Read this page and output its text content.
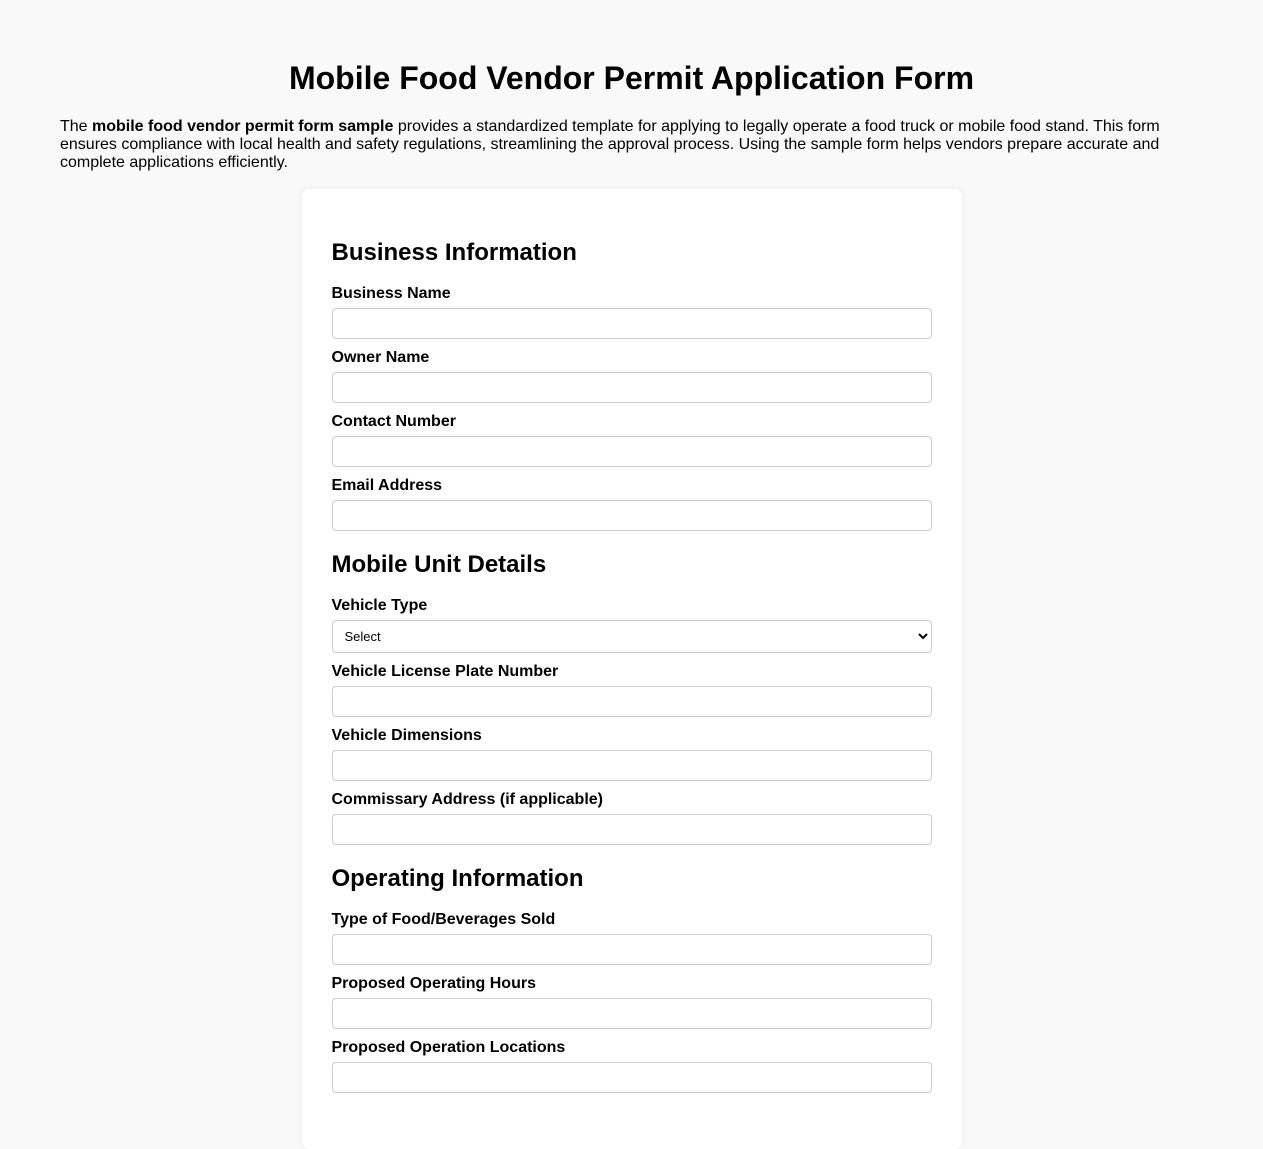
Mobile Food Vendor Permit Application Form

The mobile food vendor permit form sample provides a standardized template for applying to legally operate a food truck or mobile food stand. This form ensures compliance with local health and safety regulations, streamlining the approval process. Using the sample form helps vendors prepare accurate and complete applications efficiently.

Business Information
Business Name
Owner Name
Contact Number
Email Address
Mobile Unit Details
Vehicle Type
Select
Vehicle License Plate Number
Vehicle Dimensions
Commissary Address (if applicable)
Operating Information
Type of Food/Beverages Sold
Proposed Operating Hours
Proposed Operation Locations
